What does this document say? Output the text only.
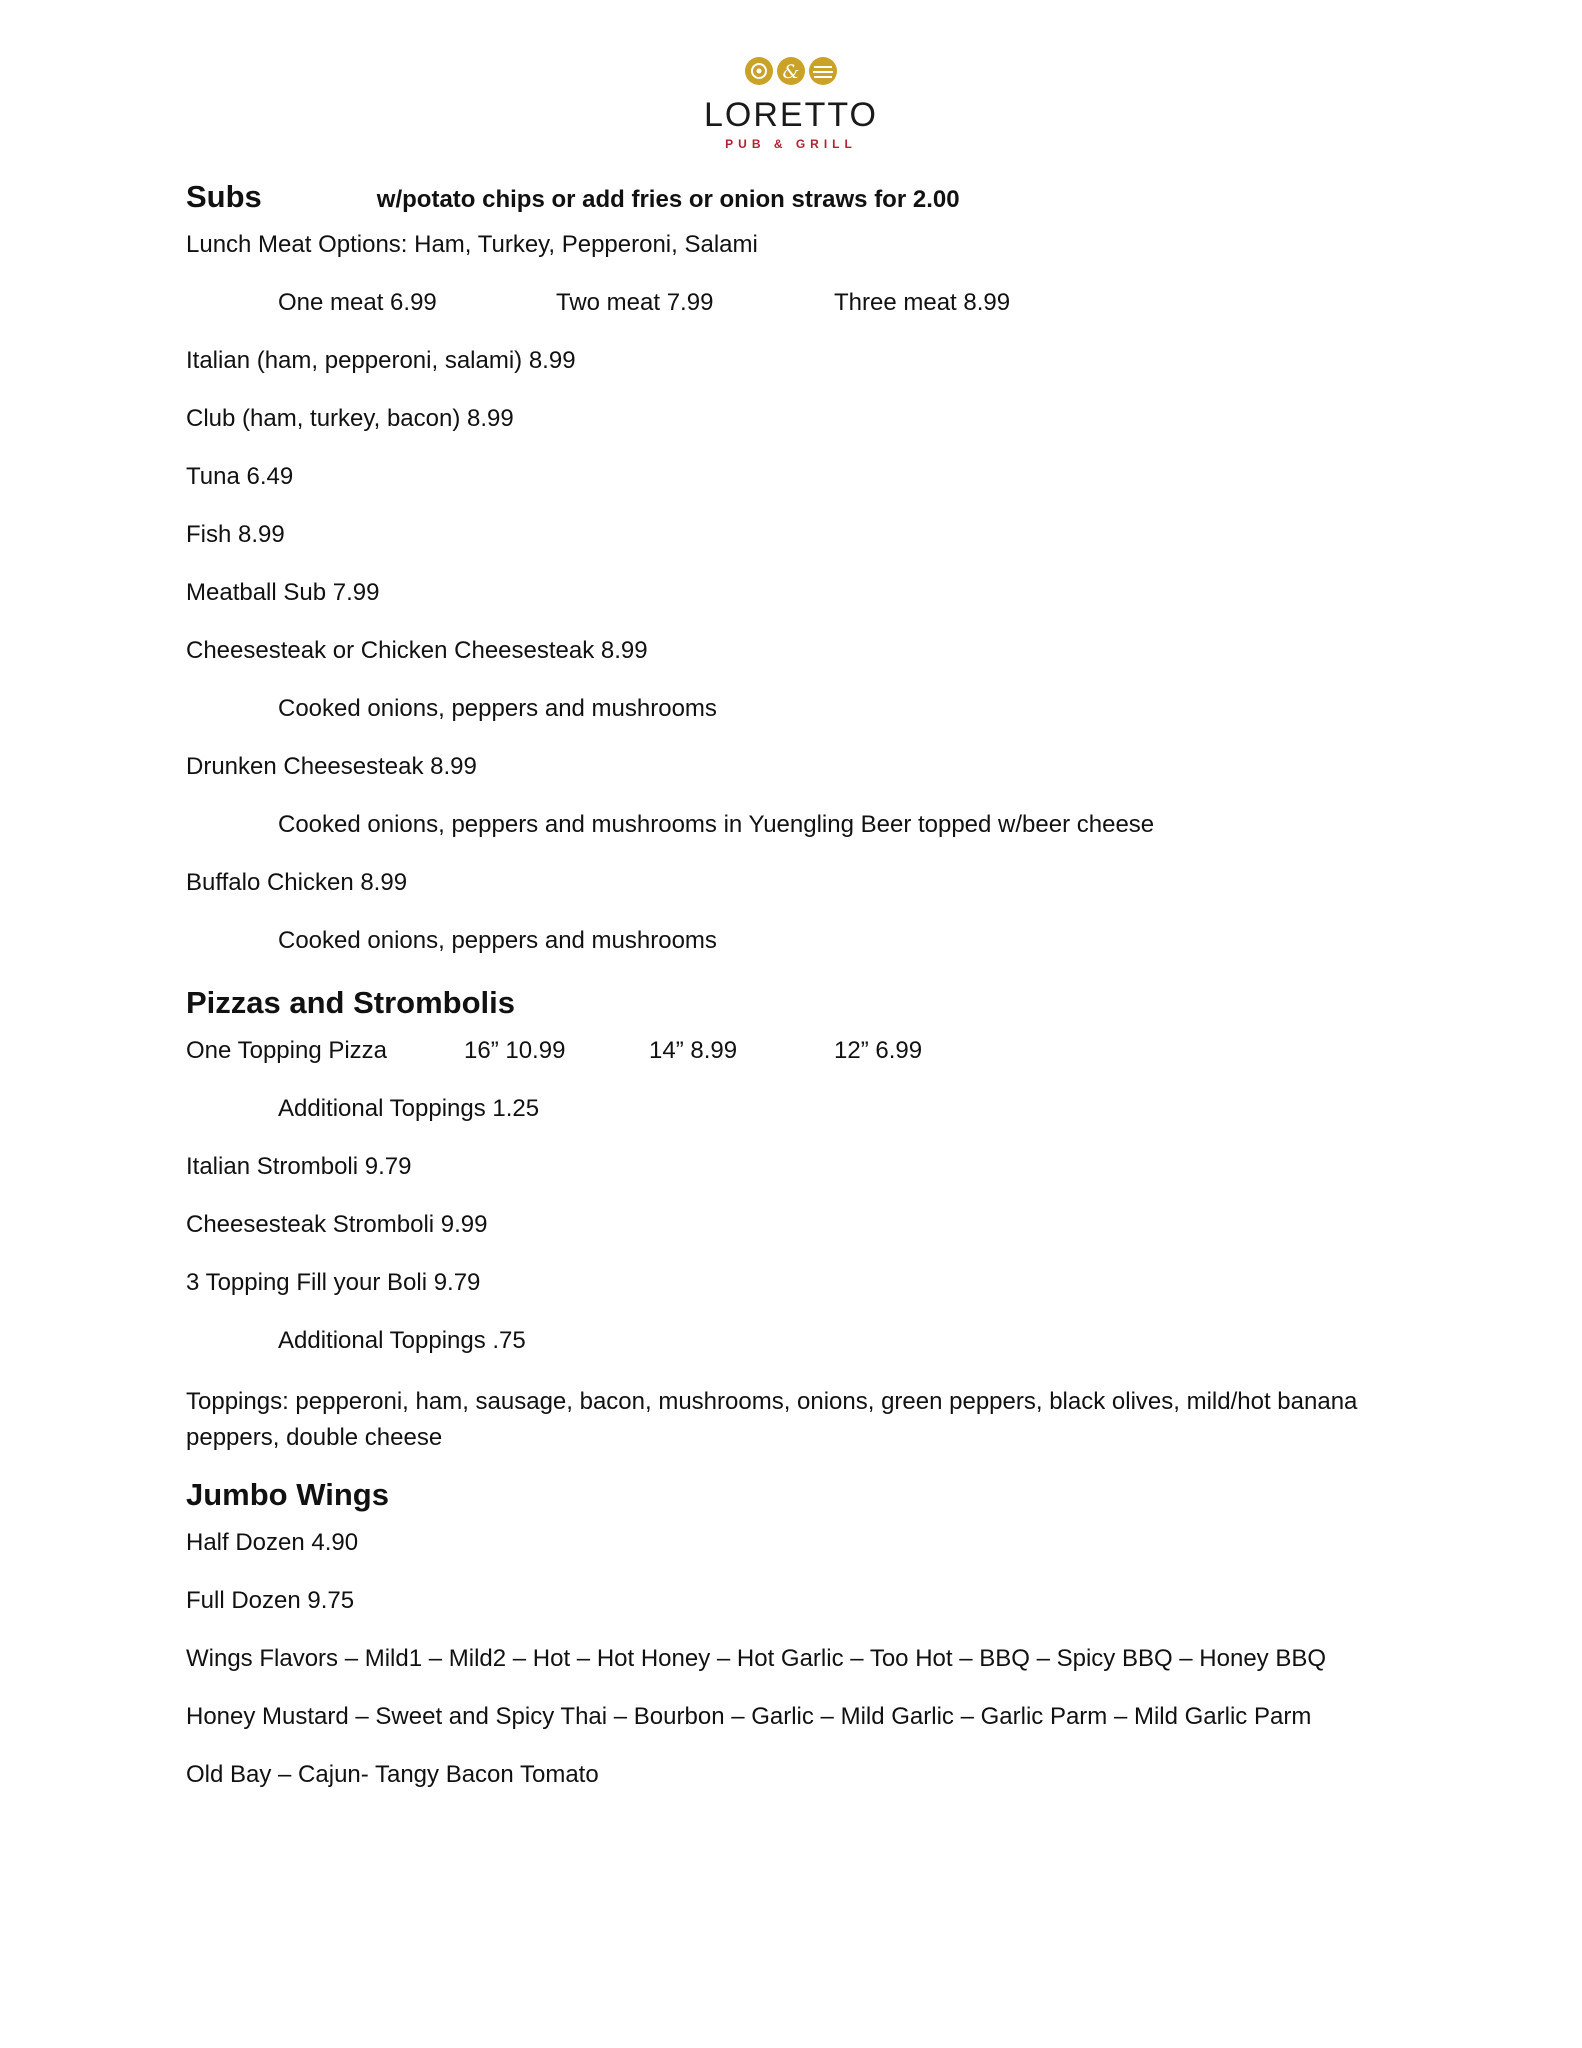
&
LORETTO
PUB & GRILL
Subs	w/potato chips or add fries or onion straws for 2.00
Lunch Meat Options: Ham, Turkey, Pepperoni, Salami
One meat 6.99	Two meat 7.99	Three meat 8.99
Italian (ham, pepperoni, salami) 8.99
Club (ham, turkey, bacon) 8.99
Tuna 6.49
Fish 8.99
Meatball Sub 7.99
Cheesesteak or Chicken Cheesesteak 8.99
Cooked onions, peppers and mushrooms
Drunken Cheesesteak 8.99
Cooked onions, peppers and mushrooms in Yuengling Beer topped w/beer cheese
Buffalo Chicken 8.99
Cooked onions, peppers and mushrooms
Pizzas and Strombolis
One Topping Pizza	16” 10.99	14” 8.99	12” 6.99
Additional Toppings 1.25
Italian Stromboli 9.79
Cheesesteak Stromboli 9.99
3 Topping Fill your Boli 9.79
Additional Toppings .75
Toppings: pepperoni, ham, sausage, bacon, mushrooms, onions, green peppers, black olives, mild/hot banana peppers, double cheese
Jumbo Wings
Half Dozen 4.90
Full Dozen 9.75
Wings Flavors – Mild1 – Mild2 – Hot – Hot Honey – Hot Garlic – Too Hot – BBQ – Spicy BBQ – Honey BBQ
Honey Mustard – Sweet and Spicy Thai – Bourbon – Garlic – Mild Garlic – Garlic Parm – Mild Garlic Parm
Old Bay – Cajun- Tangy Bacon Tomato
